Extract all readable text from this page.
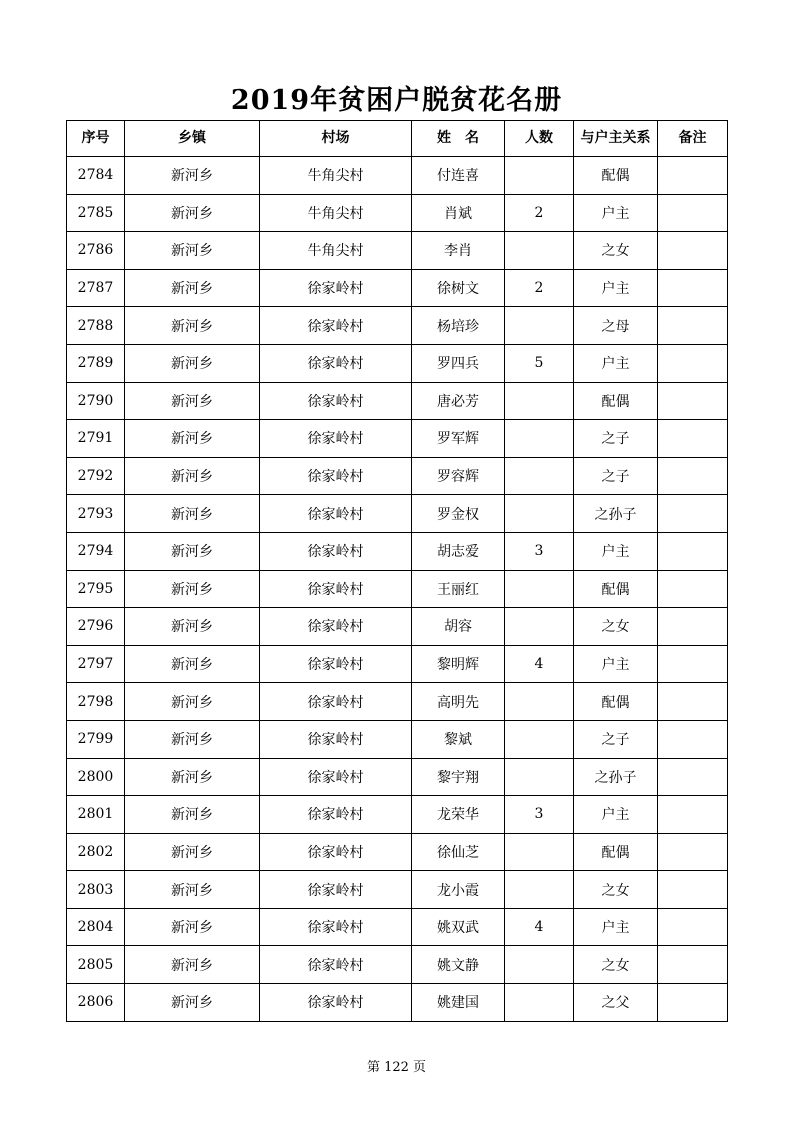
2019年贫困户脱贫花名册
序号	乡镇	村场	姓　名	人数	与户主关系	备注
2784	新河乡	牛角尖村	付连喜		配偶	
2785	新河乡	牛角尖村	肖斌	2	户主	
2786	新河乡	牛角尖村	李肖		之女	
2787	新河乡	徐家岭村	徐树文	2	户主	
2788	新河乡	徐家岭村	杨培珍		之母	
2789	新河乡	徐家岭村	罗四兵	5	户主	
2790	新河乡	徐家岭村	唐必芳		配偶	
2791	新河乡	徐家岭村	罗军辉		之子	
2792	新河乡	徐家岭村	罗容辉		之子	
2793	新河乡	徐家岭村	罗金权		之孙子	
2794	新河乡	徐家岭村	胡志爱	3	户主	
2795	新河乡	徐家岭村	王丽红		配偶	
2796	新河乡	徐家岭村	胡容		之女	
2797	新河乡	徐家岭村	黎明辉	4	户主	
2798	新河乡	徐家岭村	高明先		配偶	
2799	新河乡	徐家岭村	黎斌		之子	
2800	新河乡	徐家岭村	黎宇翔		之孙子	
2801	新河乡	徐家岭村	龙荣华	3	户主	
2802	新河乡	徐家岭村	徐仙芝		配偶	
2803	新河乡	徐家岭村	龙小霞		之女	
2804	新河乡	徐家岭村	姚双武	4	户主	
2805	新河乡	徐家岭村	姚文静		之女	
2806	新河乡	徐家岭村	姚建国		之父	
第 122 页
